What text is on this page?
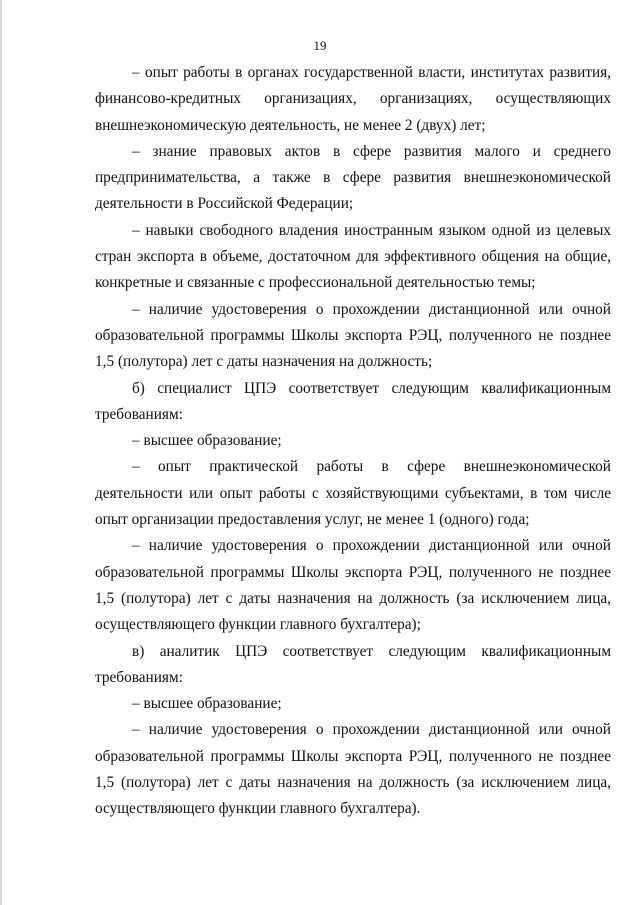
19

– опыт работы в органах государственной власти, институтах развития, финансово-кредитных организациях, организациях, осуществляющих внешнеэкономическую деятельность, не менее 2 (двух) лет;

– знание правовых актов в сфере развития малого и среднего предпринимательства, а также в сфере развития внешнеэкономической деятельности в Российской Федерации;

– навыки свободного владения иностранным языком одной из целевых стран экспорта в объеме, достаточном для эффективного общения на общие, конкретные и связанные с профессиональной деятельностью темы;

– наличие удостоверения о прохождении дистанционной или очной образовательной программы Школы экспорта РЭЦ, полученного не позднее 1,5 (полутора) лет с даты назначения на должность;

б) специалист ЦПЭ соответствует следующим квалификационным требованиям:

– высшее образование;

– опыт практической работы в сфере внешнеэкономической деятельности или опыт работы с хозяйствующими субъектами, в том числе опыт организации предоставления услуг, не менее 1 (одного) года;

– наличие удостоверения о прохождении дистанционной или очной образовательной программы Школы экспорта РЭЦ, полученного не позднее 1,5 (полутора) лет с даты назначения на должность (за исключением лица, осуществляющего функции главного бухгалтера);

в) аналитик ЦПЭ соответствует следующим квалификационным требованиям:

– высшее образование;

– наличие удостоверения о прохождении дистанционной или очной образовательной программы Школы экспорта РЭЦ, полученного не позднее 1,5 (полутора) лет с даты назначения на должность (за исключением лица, осуществляющего функции главного бухгалтера).
